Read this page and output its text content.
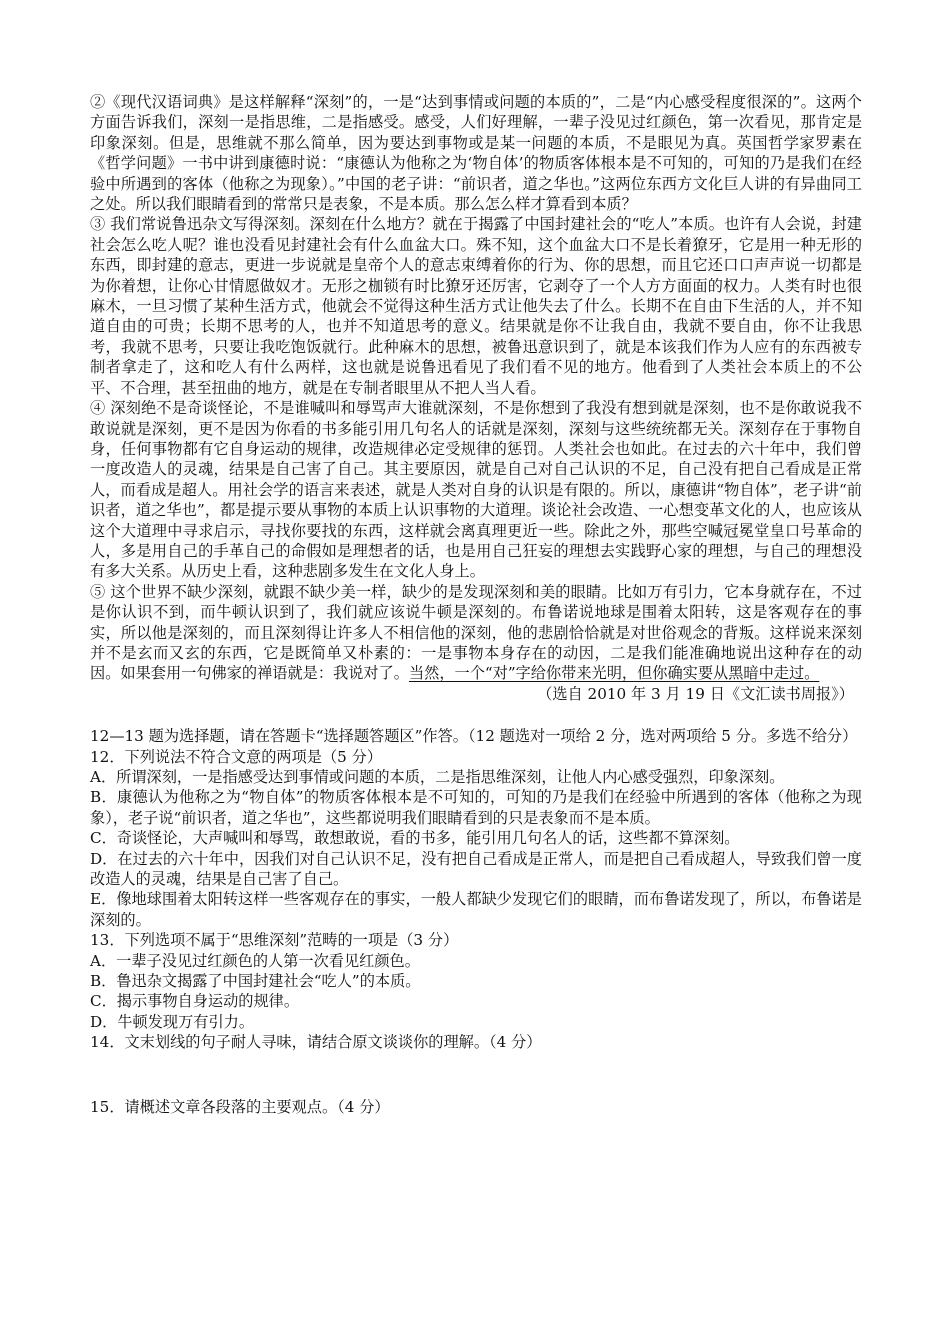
②《现代汉语词典》是这样解释“深刻”的，一是“达到事情或问题的本质的”，二是“内心感受程度很深的”。这两个方面告诉我们，深刻一是指思维，二是指感受。感受，人们好理解，一辈子没见过红颜色，第一次看见，那肯定是印象深刻。但是，思维就不那么简单，因为要达到事物或是某一问题的本质，不是眼见为真。英国哲学家罗素在《哲学问题》一书中讲到康德时说：“康德认为他称之为‘物自体’的物质客体根本是不可知的，可知的乃是我们在经验中所遇到的客体（他称之为现象）。”中国的老子讲：“前识者，道之华也。”这两位东西方文化巨人讲的有异曲同工之处。所以我们眼睛看到的常常只是表象，不是本质。那么怎么样才算看到本质？

③ 我们常说鲁迅杂文写得深刻。深刻在什么地方？就在于揭露了中国封建社会的“吃人”本质。也许有人会说，封建社会怎么吃人呢？谁也没看见封建社会有什么血盆大口。殊不知，这个血盆大口不是长着獠牙，它是用一种无形的东西，即封建的意志，更进一步说就是皇帝个人的意志束缚着你的行为、你的思想，而且它还口口声声说一切都是为你着想，让你心甘情愿做奴才。无形之枷锁有时比獠牙还厉害，它剥夺了一个人方方面面的权力。人类有时也很麻木，一旦习惯了某种生活方式，他就会不觉得这种生活方式让他失去了什么。长期不在自由下生活的人，并不知道自由的可贵；长期不思考的人，也并不知道思考的意义。结果就是你不让我自由，我就不要自由，你不让我思考，我就不思考，只要让我吃饱饭就行。此种麻木的思想，被鲁迅意识到了，就是本该我们作为人应有的东西被专制者拿走了，这和吃人有什么两样，这也就是说鲁迅看见了我们看不见的地方。他看到了人类社会本质上的不公平、不合理，甚至扭曲的地方，就是在专制者眼里从不把人当人看。

④ 深刻绝不是奇谈怪论，不是谁喊叫和辱骂声大谁就深刻，不是你想到了我没有想到就是深刻，也不是你敢说我不敢说就是深刻，更不是因为你看的书多能引用几句名人的话就是深刻，深刻与这些统统都无关。深刻存在于事物自身，任何事物都有它自身运动的规律，改造规律必定受规律的惩罚。人类社会也如此。在过去的六十年中，我们曾一度改造人的灵魂，结果是自己害了自己。其主要原因，就是自己对自己认识的不足，自己没有把自己看成是正常人，而看成是超人。用社会学的语言来表述，就是人类对自身的认识是有限的。所以，康德讲“物自体”，老子讲“前识者，道之华也”，都是提示要从事物的本质上认识事物的大道理。谈论社会改造、一心想变革文化的人，也应该从这个大道理中寻求启示，寻找你要找的东西，这样就会离真理更近一些。除此之外，那些空喊冠冕堂皇口号革命的人，多是用自己的手革自己的命假如是理想者的话，也是用自己狂妄的理想去实践野心家的理想，与自己的理想没有多大关系。从历史上看，这种悲剧多发生在文化人身上。

⑤ 这个世界不缺少深刻，就跟不缺少美一样，缺少的是发现深刻和美的眼睛。比如万有引力，它本身就存在，不过是你认识不到，而牛顿认识到了，我们就应该说牛顿是深刻的。布鲁诺说地球是围着太阳转，这是客观存在的事实，所以他是深刻的，而且深刻得让许多人不相信他的深刻，他的悲剧恰恰就是对世俗观念的背叛。这样说来深刻并不是玄而又玄的东西，它是既简单又朴素的：一是事物本身存在的动因，二是我们能准确地说出这种存在的动因。如果套用一句佛家的禅语就是：我说对了。当然，一个“对”字给你带来光明，但你确实要从黑暗中走过。

（选自 2010 年 3 月 19 日《文汇读书周报》）

12—13 题为选择题，请在答题卡“选择题答题区”作答。（12 题选对一项给 2 分，选对两项给 5 分。多选不给分）

12．下列说法不符合文意的两项是（5 分）

A．所谓深刻，一是指感受达到事情或问题的本质，二是指思维深刻，让他人内心感受强烈，印象深刻。

B．康德认为他称之为“物自体”的物质客体根本是不可知的，可知的乃是我们在经验中所遇到的客体（他称之为现象），老子说“前识者，道之华也”，这些都说明我们眼睛看到的只是表象而不是本质。

C．奇谈怪论，大声喊叫和辱骂，敢想敢说，看的书多，能引用几句名人的话，这些都不算深刻。

D．在过去的六十年中，因我们对自己认识不足，没有把自己看成是正常人，而是把自己看成超人，导致我们曾一度改造人的灵魂，结果是自己害了自己。

E．像地球围着太阳转这样一些客观存在的事实，一般人都缺少发现它们的眼睛，而布鲁诺发现了，所以，布鲁诺是深刻的。

13．下列选项不属于“思维深刻”范畴的一项是（3 分）

A．一辈子没见过红颜色的人第一次看见红颜色。

B．鲁迅杂文揭露了中国封建社会“吃人”的本质。

C．揭示事物自身运动的规律。

D．牛顿发现万有引力。

14．文末划线的句子耐人寻味，请结合原文谈谈你的理解。（4 分）

15．请概述文章各段落的主要观点。（4 分）
